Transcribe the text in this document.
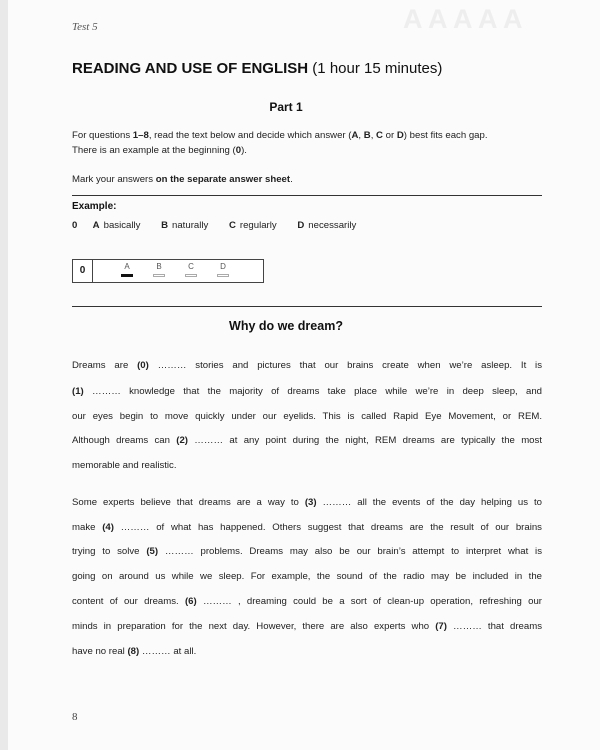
A A A A A
Test 5
READING AND USE OF ENGLISH (1 hour 15 minutes)
Part 1
For questions 1–8, read the text below and decide which answer (A, B, C or D) best fits each gap.
There is an example at the beginning (0).
Mark your answers on the separate answer sheet.
Example:
0 A basically B naturally C regularly D necessarily
0	A	B	C	D
Why do we dream?
Dreams are (0) ……… stories and pictures that our brains create when we’re asleep. It is
(1) ……… knowledge that the majority of dreams take place while we’re in deep sleep, and
our eyes begin to move quickly under our eyelids. This is called Rapid Eye Movement, or REM.
Although dreams can (2) ……… at any point during the night, REM dreams are typically the most
memorable and realistic.
Some experts believe that dreams are a way to (3) ……… all the events of the day helping us to
make (4) ……… of what has happened. Others suggest that dreams are the result of our brains
trying to solve (5) ……… problems. Dreams may also be our brain’s attempt to interpret what is
going on around us while we sleep. For example, the sound of the radio may be included in the
content of our dreams. (6) ……… , dreaming could be a sort of clean-up operation, refreshing our
minds in preparation for the next day. However, there are also experts who (7) ……… that dreams
have no real (8) ……… at all.
8
